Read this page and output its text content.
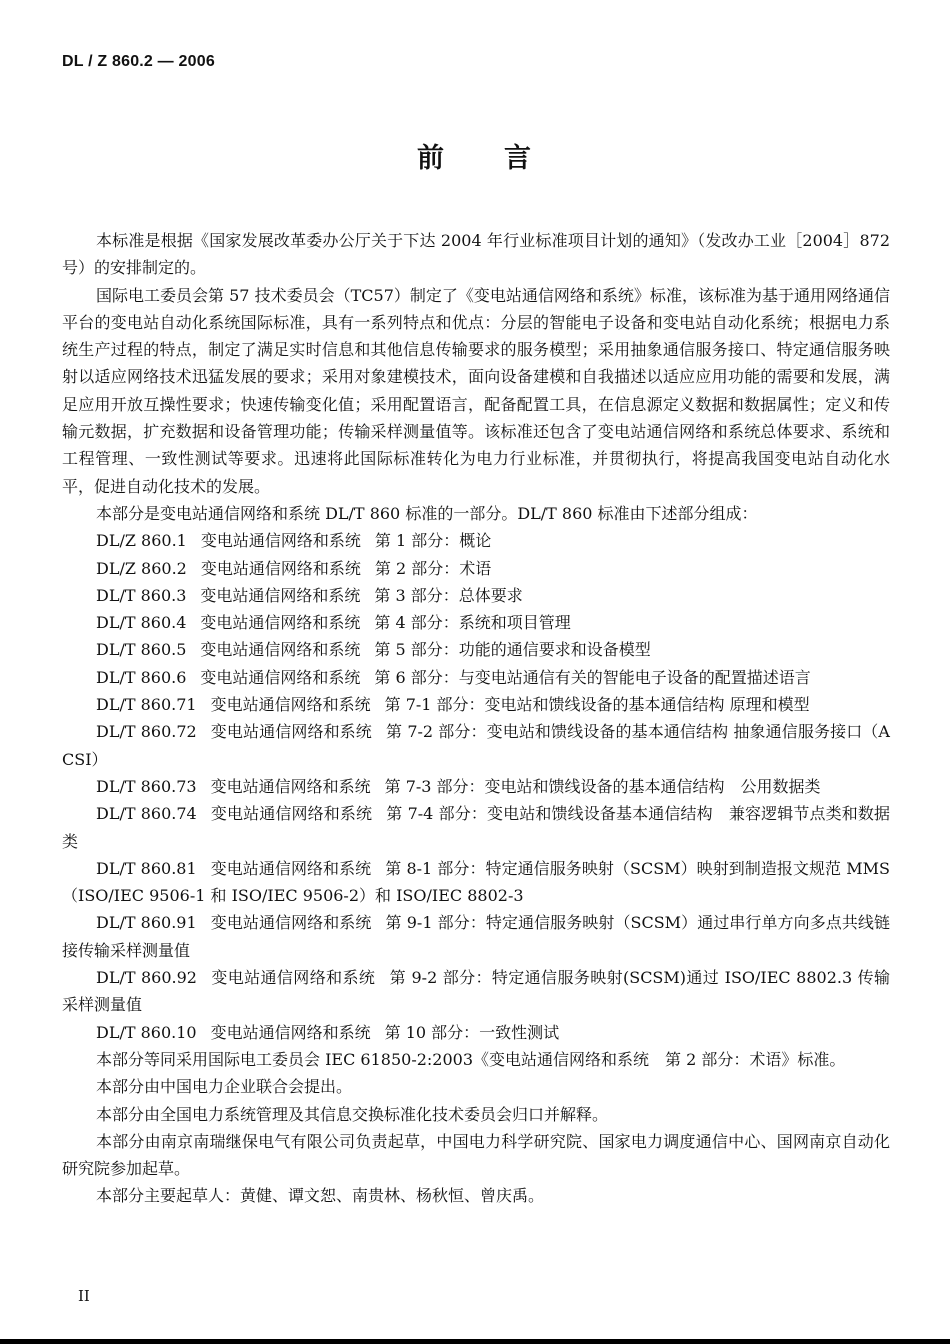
DL / Z 860.2 — 2006
前 言

本标准是根据《国家发展改革委办公厅关于下达 2004 年行业标准项目计划的通知》（发改办工业［2004］872 号）的安排制定的。

国际电工委员会第 57 技术委员会（TC57）制定了《变电站通信网络和系统》标准，该标准为基于通用网络通信平台的变电站自动化系统国际标准，具有一系列特点和优点：分层的智能电子设备和变电站自动化系统；根据电力系统生产过程的特点，制定了满足实时信息和其他信息传输要求的服务模型；采用抽象通信服务接口、特定通信服务映射以适应网络技术迅猛发展的要求；采用对象建模技术，面向设备建模和自我描述以适应应用功能的需要和发展，满足应用开放互操性要求；快速传输变化值；采用配置语言，配备配置工具，在信息源定义数据和数据属性；定义和传输元数据，扩充数据和设备管理功能；传输采样测量值等。该标准还包含了变电站通信网络和系统总体要求、系统和工程管理、一致性测试等要求。迅速将此国际标准转化为电力行业标准，并贯彻执行，将提高我国变电站自动化水平，促进自动化技术的发展。

本部分是变电站通信网络和系统 DL/T 860 标准的一部分。DL/T 860 标准由下述部分组成：

DL/Z 860.1 变电站通信网络和系统 第 1 部分：概论

DL/Z 860.2 变电站通信网络和系统 第 2 部分：术语

DL/T 860.3 变电站通信网络和系统 第 3 部分：总体要求

DL/T 860.4 变电站通信网络和系统 第 4 部分：系统和项目管理

DL/T 860.5 变电站通信网络和系统 第 5 部分：功能的通信要求和设备模型

DL/T 860.6 变电站通信网络和系统 第 6 部分：与变电站通信有关的智能电子设备的配置描述语言

DL/T 860.71 变电站通信网络和系统 第 7-1 部分：变电站和馈线设备的基本通信结构 原理和模型

DL/T 860.72 变电站通信网络和系统 第 7-2 部分：变电站和馈线设备的基本通信结构 抽象通信服务接口（ACSI）

DL/T 860.73 变电站通信网络和系统 第 7-3 部分：变电站和馈线设备的基本通信结构　公用数据类

DL/T 860.74 变电站通信网络和系统 第 7-4 部分：变电站和馈线设备基本通信结构　兼容逻辑节点类和数据类

DL/T 860.81 变电站通信网络和系统 第 8-1 部分：特定通信服务映射（SCSM）映射到制造报文规范 MMS（ISO/IEC 9506-1 和 ISO/IEC 9506-2）和 ISO/IEC 8802-3

DL/T 860.91 变电站通信网络和系统 第 9-1 部分：特定通信服务映射（SCSM）通过串行单方向多点共线链接传输采样测量值

DL/T 860.92 变电站通信网络和系统 第 9-2 部分：特定通信服务映射(SCSM)通过 ISO/IEC 8802.3 传输采样测量值

DL/T 860.10 变电站通信网络和系统 第 10 部分：一致性测试

本部分等同采用国际电工委员会 IEC 61850-2:2003《变电站通信网络和系统　第 2 部分：术语》标准。

本部分由中国电力企业联合会提出。

本部分由全国电力系统管理及其信息交换标准化技术委员会归口并解释。

本部分由南京南瑞继保电气有限公司负责起草，中国电力科学研究院、国家电力调度通信中心、国网南京自动化研究院参加起草。

本部分主要起草人：黄健、谭文恕、南贵林、杨秋恒、曾庆禹。

II
